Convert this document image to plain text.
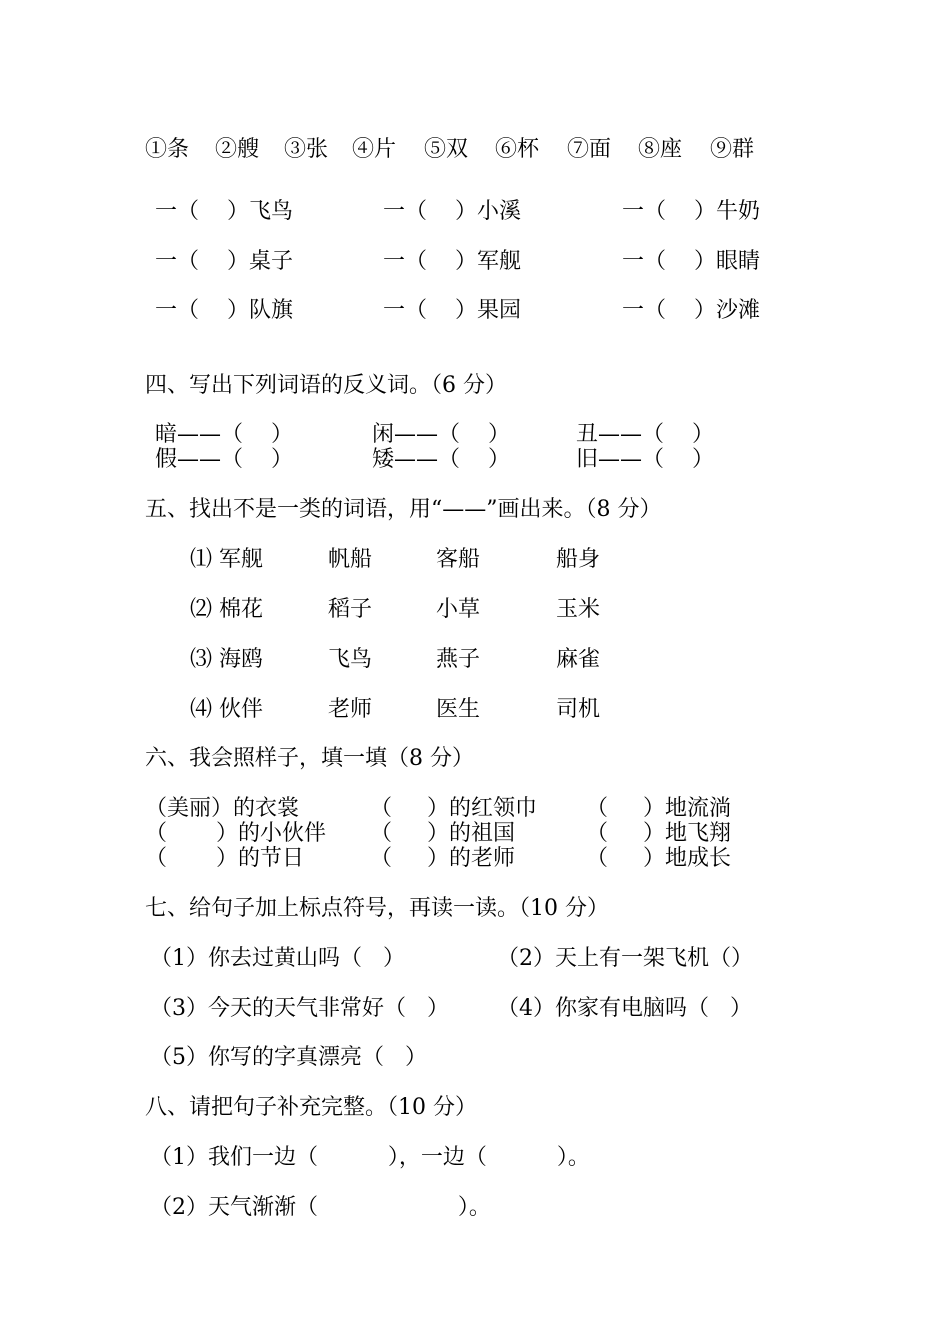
①条 ②艘 ③张 ④片 ⑤双 ⑥杯 ⑦面 ⑧座 ⑨群
一（    ）飞鸟	一（    ）小溪	一（    ）牛奶
一（    ）桌子	一（    ）军舰	一（    ）眼睛
一（    ）队旗	一（    ）果园	一（    ）沙滩
四、写出下列词语的反义词。（6 分）
暗——（    ）	闲——（    ）	丑——（    ）
假——（    ）	矮——（    ）	旧——（    ）
五、找出不是一类的词语，用“——”画出来。（8 分）
⑴ 军舰	帆船	客船	船身
⑵ 棉花	稻子	小草	玉米
⑶ 海鸥	飞鸟	燕子	麻雀
⑷ 伙伴	老师	医生	司机
六、我会照样子，填一填（8 分）
（美丽）的衣裳	（     ）的红领巾 （     ）地流淌
（       ）的小伙伴 （     ）的祖国	（     ）地飞翔
（       ）的节日	（     ）的老师	（     ）地成长
七、给句子加上标点符号，再读一读。（10 分）
（1）你去过黄山吗（   ）	（2）天上有一架飞机（）
（3）今天的天气非常好（   ） （4）你家有电脑吗（   ）
（5）你写的字真漂亮（   ）
八、请把句子补充完整。（10 分）
（1）我们一边（          ），一边（          ）。
（2）天气渐渐（                    ）。
